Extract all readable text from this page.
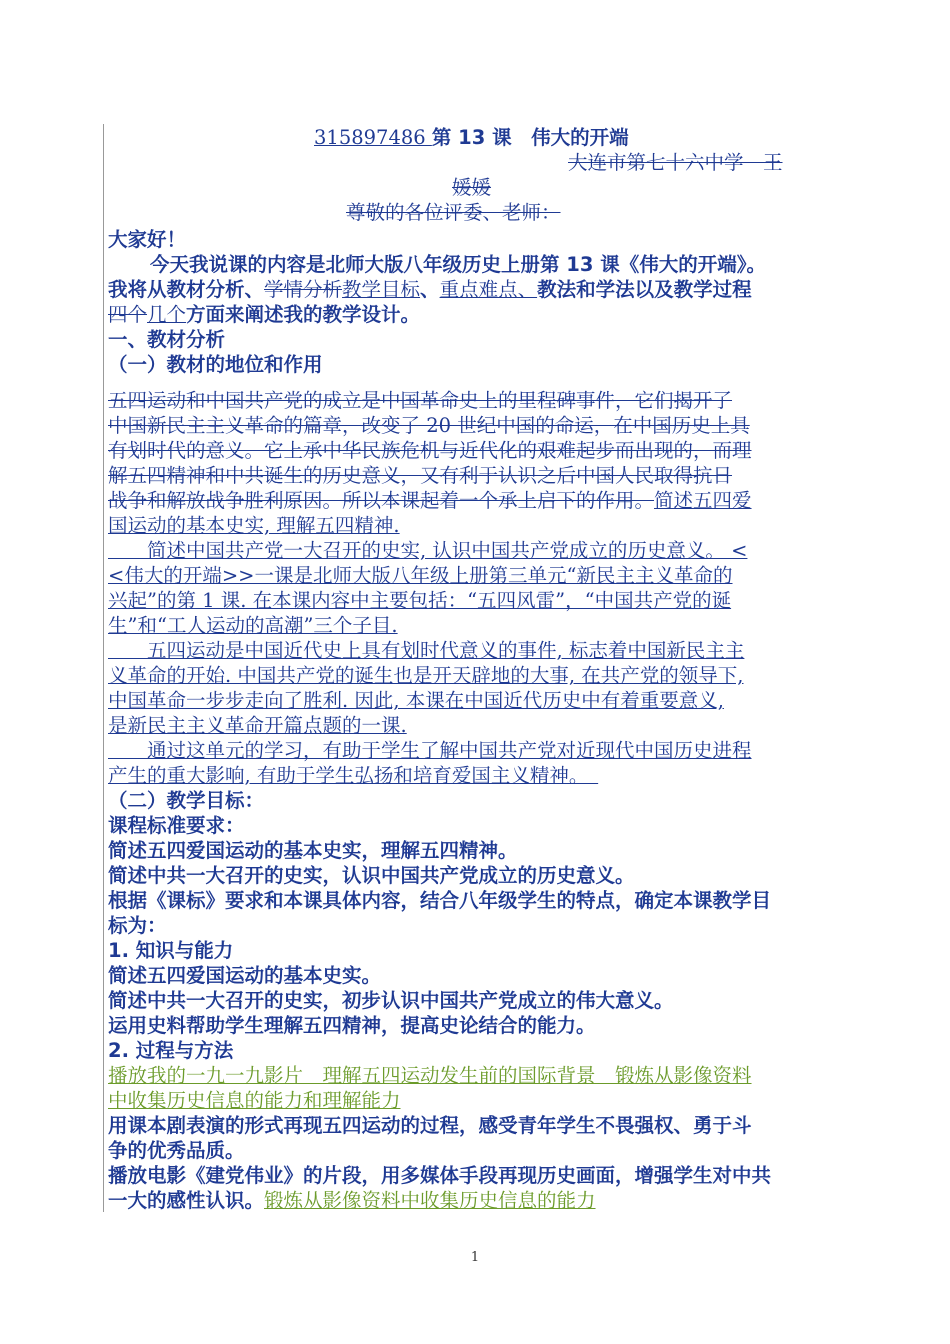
315897486 第 13 课　伟大的开端
大连市第七十六中学　王
媛媛
尊敬的各位评委、老师：
大家好！
今天我说课的内容是北师大版八年级历史上册第 13 课《伟大的开端》。
我将从教材分析、学情分析教学目标、重点难点、教法和学法以及教学过程
四个几个方面来阐述我的教学设计。
一、教材分析
（一）教材的地位和作用
五四运动和中国共产党的成立是中国革命史上的里程碑事件，它们揭开了
中国新民主主义革命的篇章，改变了 20 世纪中国的命运，在中国历史上具
有划时代的意义。它上承中华民族危机与近代化的艰难起步而出现的，而理
解五四精神和中共诞生的历史意义，又有利于认识之后中国人民取得抗日
战争和解放战争胜利原因。所以本课起着一个承上启下的作用。简述五四爱
国运动的基本史实, 理解五四精神.
　　简述中国共产党一大召开的史实, 认识中国共产党成立的历史意义。 <
<伟大的开端>>一课是北师大版八年级上册第三单元“新民主主义革命的
兴起”的第 1 课. 在本课内容中主要包括：“五四风雷”，“中国共产党的诞
生”和“工人运动的高潮”三个子目.
　　五四运动是中国近代史上具有划时代意义的事件, 标志着中国新民主主
义革命的开始. 中国共产党的诞生也是开天辟地的大事, 在共产党的领导下,
中国革命一步步走向了胜利. 因此, 本课在中国近代历史中有着重要意义,
是新民主主义革命开篇点题的一课.
　　通过这单元的学习，有助于学生了解中国共产党对近现代中国历史进程
产生的重大影响, 有助于学生弘扬和培育爱国主义精神。　
（二）教学目标：
课程标准要求：
简述五四爱国运动的基本史实，理解五四精神。
简述中共一大召开的史实，认识中国共产党成立的历史意义。
根据《课标》要求和本课具体内容，结合八年级学生的特点，确定本课教学目
标为：
1. 知识与能力
简述五四爱国运动的基本史实。
简述中共一大召开的史实，初步认识中国共产党成立的伟大意义。
运用史料帮助学生理解五四精神，提高史论结合的能力。
2. 过程与方法
播放我的一九一九影片　理解五四运动发生前的国际背景　锻炼从影像资料
中收集历史信息的能力和理解能力
用课本剧表演的形式再现五四运动的过程，感受青年学生不畏强权、勇于斗
争的优秀品质。
播放电影《建党伟业》的片段，用多媒体手段再现历史画面，增强学生对中共
一大的感性认识。锻炼从影像资料中收集历史信息的能力
1
